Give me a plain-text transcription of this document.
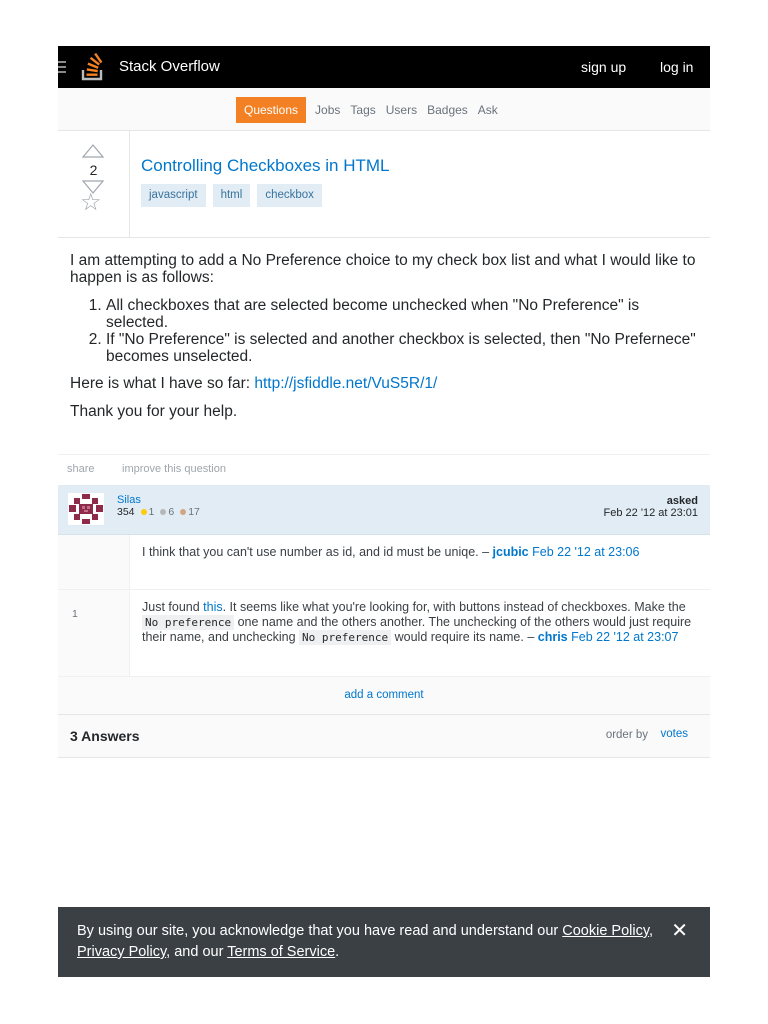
Stack Overflow	sign up log in
Questions	Jobs Tags Users Badges Ask
2
☆
Controlling Checkboxes in HTML
javascript	html	checkbox

I am attempting to add a No Preference choice to my check box list and what I would like to happen is as follows:

1. All checkboxes that are selected become unchecked when "No Preference" is selected.
2. If "No Preference" is selected and another checkbox is selected, then "No Prefernece" becomes unselected.

Here is what I have so far: http://jsfiddle.net/VuS5R/1/

Thank you for your help.

share improve this question
Silas
354 1 6 17
asked
Feb 22 '12 at 23:01
I think that you can't use number as id, and id must be uniqe. – jcubic Feb 22 '12 at 23:06
1	Just found this. It seems like what you're looking for, with buttons instead of checkboxes. Make the No preference one name and the others another. The unchecking of the others would just require their name, and unchecking No preference would require its name. – chris Feb 22 '12 at 23:07
add a comment
3 Answers	order by votes
By using our site, you acknowledge that you have read and understand our Cookie Policy, Privacy Policy, and our Terms of Service.
✕
